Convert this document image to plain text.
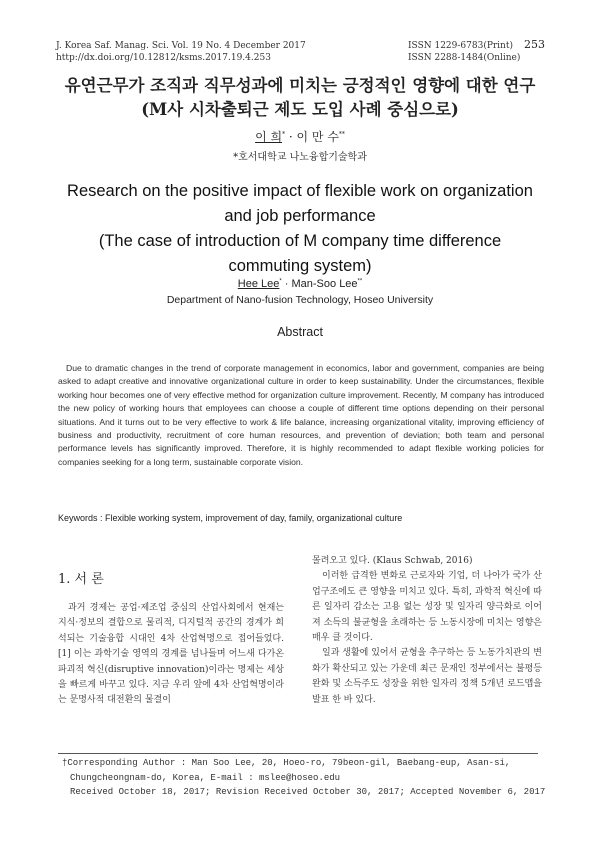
J. Korea Saf. Manag. Sci. Vol. 19 No. 4 December 2017
http://dx.doi.org/10.12812/ksms.2017.19.4.253
ISSN 1229-6783(Print)
ISSN 2288-1484(Online)
253
유연근무가 조직과 직무성과에 미치는 긍정적인 영향에 대한 연구
(M사 시차출퇴근 제도 도입 사례 중심으로)
이 희* · 이 만 수**
*호서대학교 나노융합기술학과
Research on the positive impact of flexible work on organization
and job performance
(The case of introduction of M company time difference
commuting system)
Hee Lee* · Man-Soo Lee**
Department of Nano-fusion Technology, Hoseo University
Abstract
Due to dramatic changes in the trend of corporate management in economics, labor and government, companies are being asked to adapt creative and innovative organizational culture in order to keep sustainability. Under the circumstances, flexible working hour becomes one of very effective method for organization culture improvement. Recently, M company has introduced the new policy of working hours that employees can choose a couple of different time options depending on their personal situations. And it turns out to be very effective to work & life balance, increasing organizational vitality, improving efficiency of business and productivity, recruitment of core human resources, and prevention of deviation; both team and personal performance levels has significantly improved. Therefore, it is highly recommended to adapt flexible working policies for companies seeking for a long term, sustainable corporate vision.
Keywords : Flexible working system, improvement of day, family, organizational culture
1. 서 론

과거 경제는 공업·제조업 중심의 산업사회에서 현재는 지식·정보의 결합으로 물리적, 디지털적 공간의 경계가 희석되는 기술융합 시대인 4차 산업혁명으로 접어들었다. [1] 이는 과학기술 영역의 경계를 넘나들며 어느새 다가온 파괴적 혁신(disruptive innovation)이라는 명제는 세상을 빠르게 바꾸고 있다. 지금 우리 앞에 4차 산업혁명이라는 문명사적 대전환의 물결이

몰려오고 있다. (Klaus Schwab, 2016)

이러한 급격한 변화로 근로자와 기업, 더 나아가 국가 산업구조에도 큰 영향을 미치고 있다. 특히, 과학적 혁신에 따른 일자리 감소는 고용 없는 성장 및 일자리 양극화로 이어져 소득의 불균형을 초래하는 등 노동시장에 미치는 영향은 매우 클 것이다.

일과 생활에 있어서 균형을 추구하는 등 노동가치관의 변화가 확산되고 있는 가운데 최근 문재인 정부에서는 불평등 완화 및 소득주도 성장을 위한 일자리 정책 5개년 로드맵을 발표 한 바 있다.

†Corresponding Author : Man Soo Lee, 20, Hoeo-ro, 79beon-gil, Baebang-eup, Asan-si,
Chungcheongnam-do, Korea, E-mail : mslee@hoseo.edu
Received October 18, 2017; Revision Received October 30, 2017; Accepted November 6, 2017
